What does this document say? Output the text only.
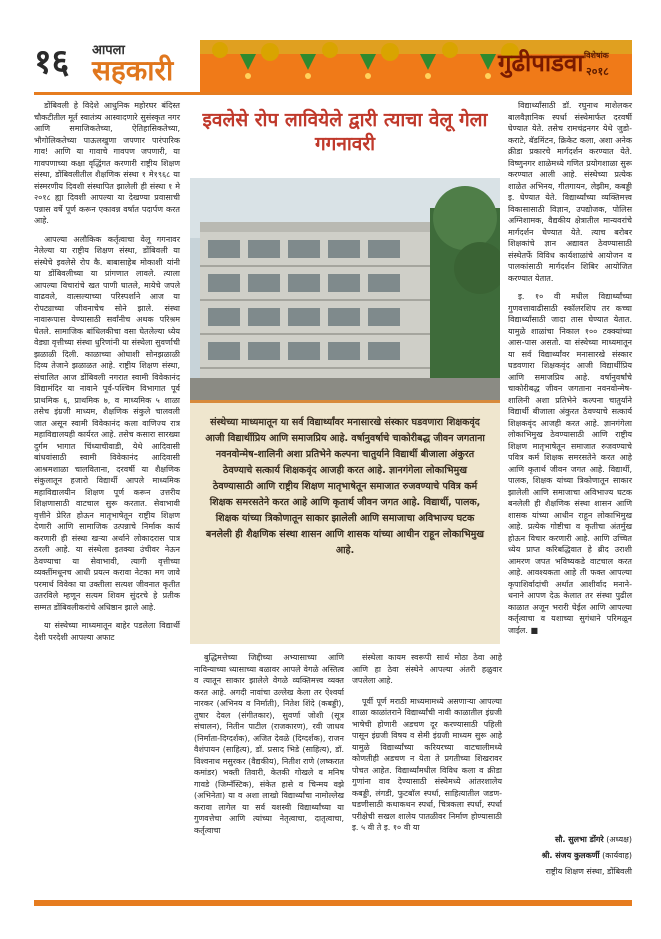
१६	आपला
सहकारी	गुढीपाडवा विशेषांक
२०१८

डोंबिवली हे विदेशे आधुनिक महोरघर बंदिस्त चौकटीतील मूर्त स्वातंत्र्य आस्वादणारे सुसंस्कृत नगर आणि समाजिकतेच्या, ऐतिहासिकतेच्या, भौगोलिकतेच्या पाऊलखुणा जपणार पारंपारिक गाव! आणि या गावाचे गावपण जपणारी, या गावपणाच्या कक्षा वृद्धिंगत करणारी राष्ट्रीय शिक्षण संस्था, डोंबिवलीतील शैक्षणिक संस्था १ मे१९६८ या संस्मरणीय दिवशी संस्थापित झालेली ही संस्था १ मे २०१८ ह्या दिवशी आपल्या या देखण्या प्रवासाची पन्नास वर्षे पूर्ण करून एकावन्न वर्षात पदार्पण करत आहे.

आपल्या अलौकिक कर्तृत्वाचा वेलू गगनावर नेलेल्या या राष्ट्रीय शिक्षण संस्था, डोंबिवली या संस्थेचे इवलेसे रोप कै. बाबासाहेब मोकाशी यांनी या डोंबिवलीच्या या प्रांगणात लावले. त्याला आपल्या विचारांचे खत पाणी घातले, मायेचे जपले वाढवले, वात्सल्याच्या परिस्पर्शाने आज या रोपट्याच्या जीवनाचेच सोने झाले. संस्था नावारूपास येण्यासाठी सर्वांनीच अथक परिश्रम घेतले. सामाजिक बांधिलकीचा वसा घेतलेल्या ध्येय वेड्या वृत्तीच्या संस्था धुरिणांनी या संस्थेला सुवर्णाची झळाळी दिली. काळाच्या ओघाशी सोनझळाळी दिव्य तेजाने झळाळत आहे. राष्ट्रीय शिक्षण संस्था, संचालित आज डोंबिवली नगरात स्वामी विवेकानंद विद्यामंदिर या नावाने पूर्व-पश्चिम विभागात पूर्व प्राथमिक ६, प्राथमिक ७, व माध्यमिक ५ शाळा तसेच इंग्रजी माध्यम, शैक्षणिक संकुले चालवली जात असून स्वामी विवेकानंद कला वाणिज्य रात्र महाविद्यालयही कार्यरत आहे. तसेच कसारा सारख्या दुर्गम भागात चिंध्याचीवाडी, येथे आदिवासी बांधवांसाठी स्वामी विवेकानंद आदिवासी आश्रमशाळा चालविताना, दरवर्षी या शैक्षणिक संकुलातून हजारो विद्यार्थी आपले माध्यमिक महाविद्यालयीन शिक्षण पूर्ण करून उत्तरीय शिक्षणासाठी वाटचाल सुरू करतात. सेवाभावी वृत्तीने प्रेरित होऊन मातृभाषेतून राष्ट्रीय शिक्षण देणारी आणि सामाजिक उत्पन्नाचे निर्माक कार्य करणारी ही संस्था खऱ्या अर्थाने लोकादरास पात्र ठरली आहे. या संस्थेला इतक्या उंचीवर नेऊन ठेवण्याचा या सेवाभावी, त्यागी वृत्तीच्या व्यक्तींमधूनच आधी प्रयत्न करावा नेटका मग जावे परमार्थ विवेका या उक्तीला सत्यश जीवनात कृतीत उतरविले म्हणून सत्यम शिवम सुंदरचे हे प्रतीक सम्मत डोंबिवलीकरांचे अधिष्ठान झाले आहे.

या संस्थेच्या माध्यमातून बाहेर पडलेला विद्यार्थी देशी परदेशी आपल्या अफाट

इवलेसे रोप लावियेले द्वारी त्याचा वेलू गेला गगनावरी
संस्थेच्या माध्यमातून या सर्व विद्यार्थ्यांवर मनासारखे संस्कार घडवणारा शिक्षकवृंद आजी विद्यार्थीप्रिय आणि समाजप्रिय आहे. वर्षानुवर्षाचे चाकोरीबद्ध जीवन जगताना नवनवोन्मेष-शालिनी अशा प्रतिभेने कल्पना चातुर्याने विद्यार्थी बीजाला अंकुरत ठेवण्याचे सत्कार्य शिक्षकवृंद आजही करत आहे. ज्ञानगंगेला लोकाभिमुख ठेवण्यासाठी आणि राष्ट्रीय शिक्षण मातृभाषेतून समाजात रुजवण्याचे पवित्र कर्म शिक्षक समरसतेने करत आहे आणि कृतार्थ जीवन जगत आहे. विद्यार्थी, पालक, शिक्षक यांच्या त्रिकोणातून साकार झालेली आणि समाजाचा अविभाज्य घटक बनलेली ही शैक्षणिक संस्था शासन आणि शासक यांच्या आधीन राहून लोकाभिमुख आहे.

बुद्धिमत्तेच्या जिद्दीच्या अभ्यासाच्या आणि नाविन्याच्या ध्यासाच्या बळावर आपले वेगळे अस्तित्व व त्यातून साकार झालेले वेगळे व्यक्तिमत्त्व व्यक्त करत आहे. अगदी नावांचा उल्लेख केला तर ऐश्वर्या नारकर (अभिनय व निर्माती), नितेश शिंदे (कबड्डी), तुषार देवल (संगीतकार), सुवर्णा जोशी (सूत्र संचालन), नितीन पाटील (राजकारण), रवी जाधव (निर्माता-दिग्दर्शक), अजित देवळे (दिग्दर्शक), राजन वैशंपायन (साहित्य), डॉ. प्रसाद भिडे (साहित्य), डॉ. विश्वनाथ मसुरकर (वैद्यकीय), नितीश राणे (लष्करात कमांडर) भक्ती तिवारी, केतकी गोखले व मनिष गावडे (जिम्नॅस्टिक), संकेत हासे व चिन्मय वझे (अभिनेता) या व अशा लाखो विद्यार्थ्यांचा नामोल्लेख करावा लागेल या सर्व यशस्वी विद्यार्थ्यांच्या या गुणवत्तेचा आणि त्यांच्या नेतृत्वाचा, दातृत्वाचा, कर्तृत्वाचा

संस्थेला कायम स्वरूपी सार्थ मोठा ठेवा आहे आणि हा ठेवा संस्थेने आपल्या अंतरी हळुवार जपलेला आहे.

पूर्वी पूर्ण मराठी माध्यमामध्ये असणाऱ्या आपल्या शाळा काळांतराने विद्यार्थ्यांची नावी काळातील इंग्रजी भाषेची होणारी अडचण दूर करण्यासाठी पहिली पासून इंग्रजी विषय व सेमी इंग्रजी माध्यम सुरू आहे यामुळे विद्यार्थ्यांच्या करियरच्या वाटचालीमध्ये कोणतीही अडचण न येता ते प्रगतीच्या शिखरावर पोचत आहेत. विद्यार्थ्यांमधील विविध कला व क्रीडा गुणांना वाव देण्यासाठी संस्थेमध्ये आंतरशालेय कबड्डी, लंगडी, फुटबॉल स्पर्धा, साहित्यातील जडण-घडणीसाठी कथाकथन स्पर्धा, चित्रकला स्पर्धा, स्पर्धा परीक्षेची सखल शालेय पातळीवर निर्माण होण्यासाठी इ. ५ वी ते इ. १० वी या

विद्यार्थ्यांसाठी डॉ. रघुनाथ माशेलकर बालवैज्ञानिक स्पर्धा संस्थेमार्फत दरवर्षी घेण्यात येते. तसेच रामचंद्रनगर येथे जुडो-कराटे, बॅडमिंटन, क्रिकेट कला, अशा अनेक क्रीडा प्रकारचे मार्गदर्शन करण्यात येते. विष्णुनगर शाळेमध्ये गणित प्रयोगशाळा सुरू करण्यात आली आहे. संस्थेच्या प्रत्येक शाळेत अभिनय, गीतगायन, लेझीम, कबड्डी इ. घेण्यात येते. विद्यार्थ्यांच्या व्यक्तिमत्त्व विकासासाठी विज्ञान, उपद्योजक, पोलिस अग्निशामक, वैद्यकीय क्षेत्रातील मान्यवरांचे मार्गदर्शन घेण्यात येते. त्याच बरोबर शिक्षकांचे ज्ञान अद्यावत ठेवण्यासाठी संस्थेतर्फे विविध कार्यशाळांचे आयोजन व पालकांसाठी मार्गदर्शन शिबिर आयोजित करण्यात येतात.

इ. १० वी मधील विद्यार्थ्यांच्या गुणवत्तावाढीसाठी स्कॉलरशिप तर कच्चा विद्यार्थ्यांसाठी जादा तास घेण्यात येतात. यामुळे शाळांचा निकाल १०० टक्क्यांच्या आस-पास असतो. या संस्थेच्या माध्यमातून या सर्व विद्यार्थ्यांवर मनासारखे संस्कार घडवणारा शिक्षकवृंद आजी विद्यार्थीप्रिय आणि समाजप्रिय आहे. वर्षानुवर्षांचे चाकोरीबद्ध जीवन जगताना नवनवोन्मेष-शालिनी अशा प्रतिभेने कल्पना चातुर्याने विद्यार्थी बीजाला अंकुरत ठेवण्याचे सत्कार्य शिक्षकवृंद आजही करत आहे. ज्ञानगंगेला लोकाभिमुख ठेवण्यासाठी आणि राष्ट्रीय शिक्षण मातृभाषेतून समाजात रुजवण्याचे पवित्र कर्म शिक्षक समरसतेने करत आहे आणि कृतार्थ जीवन जगत आहे. विद्यार्थी, पालक, शिक्षक यांच्या त्रिकोणातून साकार झालेली आणि समाजाचा अविभाज्य घटक बनलेली ही शैक्षणिक संस्था शासन आणि शासक यांच्या आधीन राहून लोकाभिमुख आहे. प्रत्येक गोष्टीचा व कृतीचा अंतर्मुख होऊन विचार करणारी आहे. आणि उच्चित ध्येय प्राप्त करिबद्धिवात हे ब्रीद उराशी आमरण जपत भविष्यकडे वाटचाल करत आहे. आवश्यकता आहे ती फक्त आपल्या कृपाशिर्वादांची अर्थात आशीर्वाद मनाने-धनाने आपण देऊ केलात तर संस्था पुढील काळात अजून भरारी घेईल आणि आपल्या कर्तृत्वाचा व यशाच्या सुगंधाने परिमळून जाईल. ■

सौ. सुलभा डोंगरे (अध्यक्ष)
श्री. संजय कुलकर्णी (कार्यवाह)
राष्ट्रीय शिक्षण संस्था, डोंबिवली
